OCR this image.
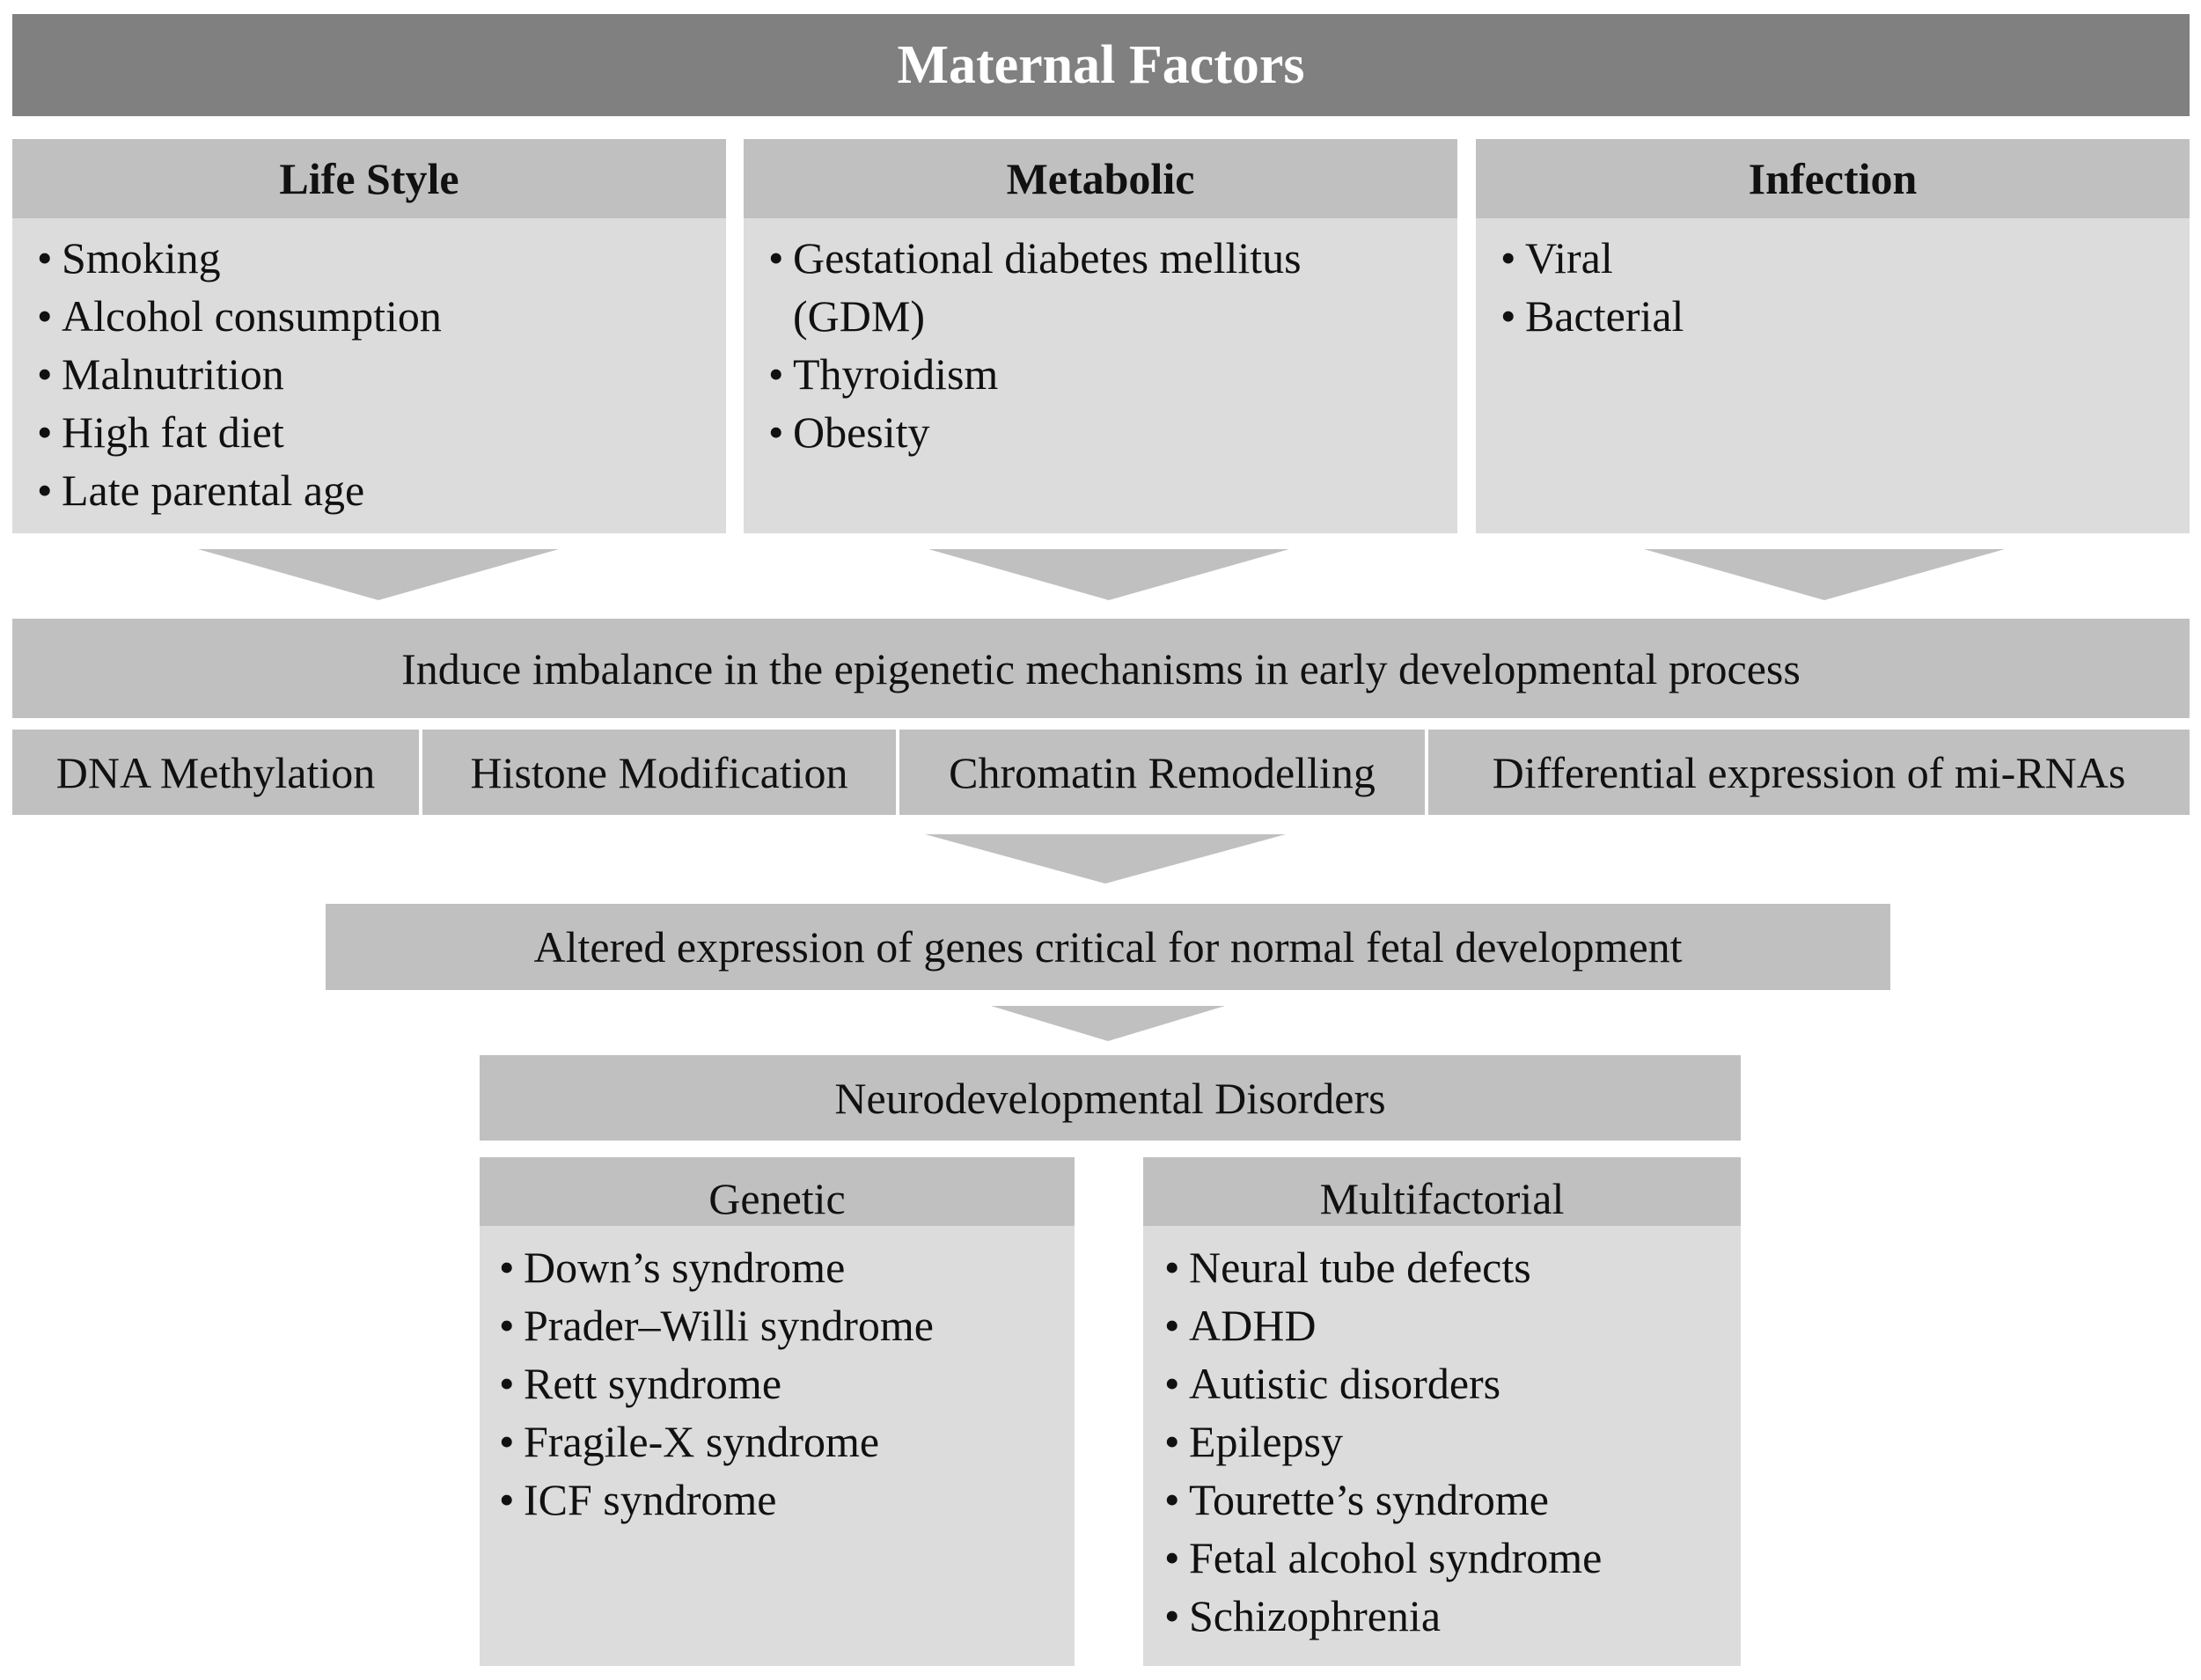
Maternal Factors
Life Style
• Smoking
• Alcohol consumption
• Malnutrition
• High fat diet
• Late parental age
Metabolic
• Gestational diabetes mellitus (GDM)
• Thyroidism
• Obesity
Infection
• Viral
• Bacterial
Induce imbalance in the epigenetic mechanisms in early developmental process
DNA Methylation	Histone Modification	Chromatin Remodelling	Differential expression of mi-RNAs
Altered expression of genes critical for normal fetal development
Neurodevelopmental Disorders
Genetic
• Down’s syndrome
• Prader–Willi syndrome
• Rett syndrome
• Fragile-X syndrome
• ICF syndrome
Multifactorial
• Neural tube defects
• ADHD
• Autistic disorders
• Epilepsy
• Tourette’s syndrome
• Fetal alcohol syndrome
• Schizophrenia
